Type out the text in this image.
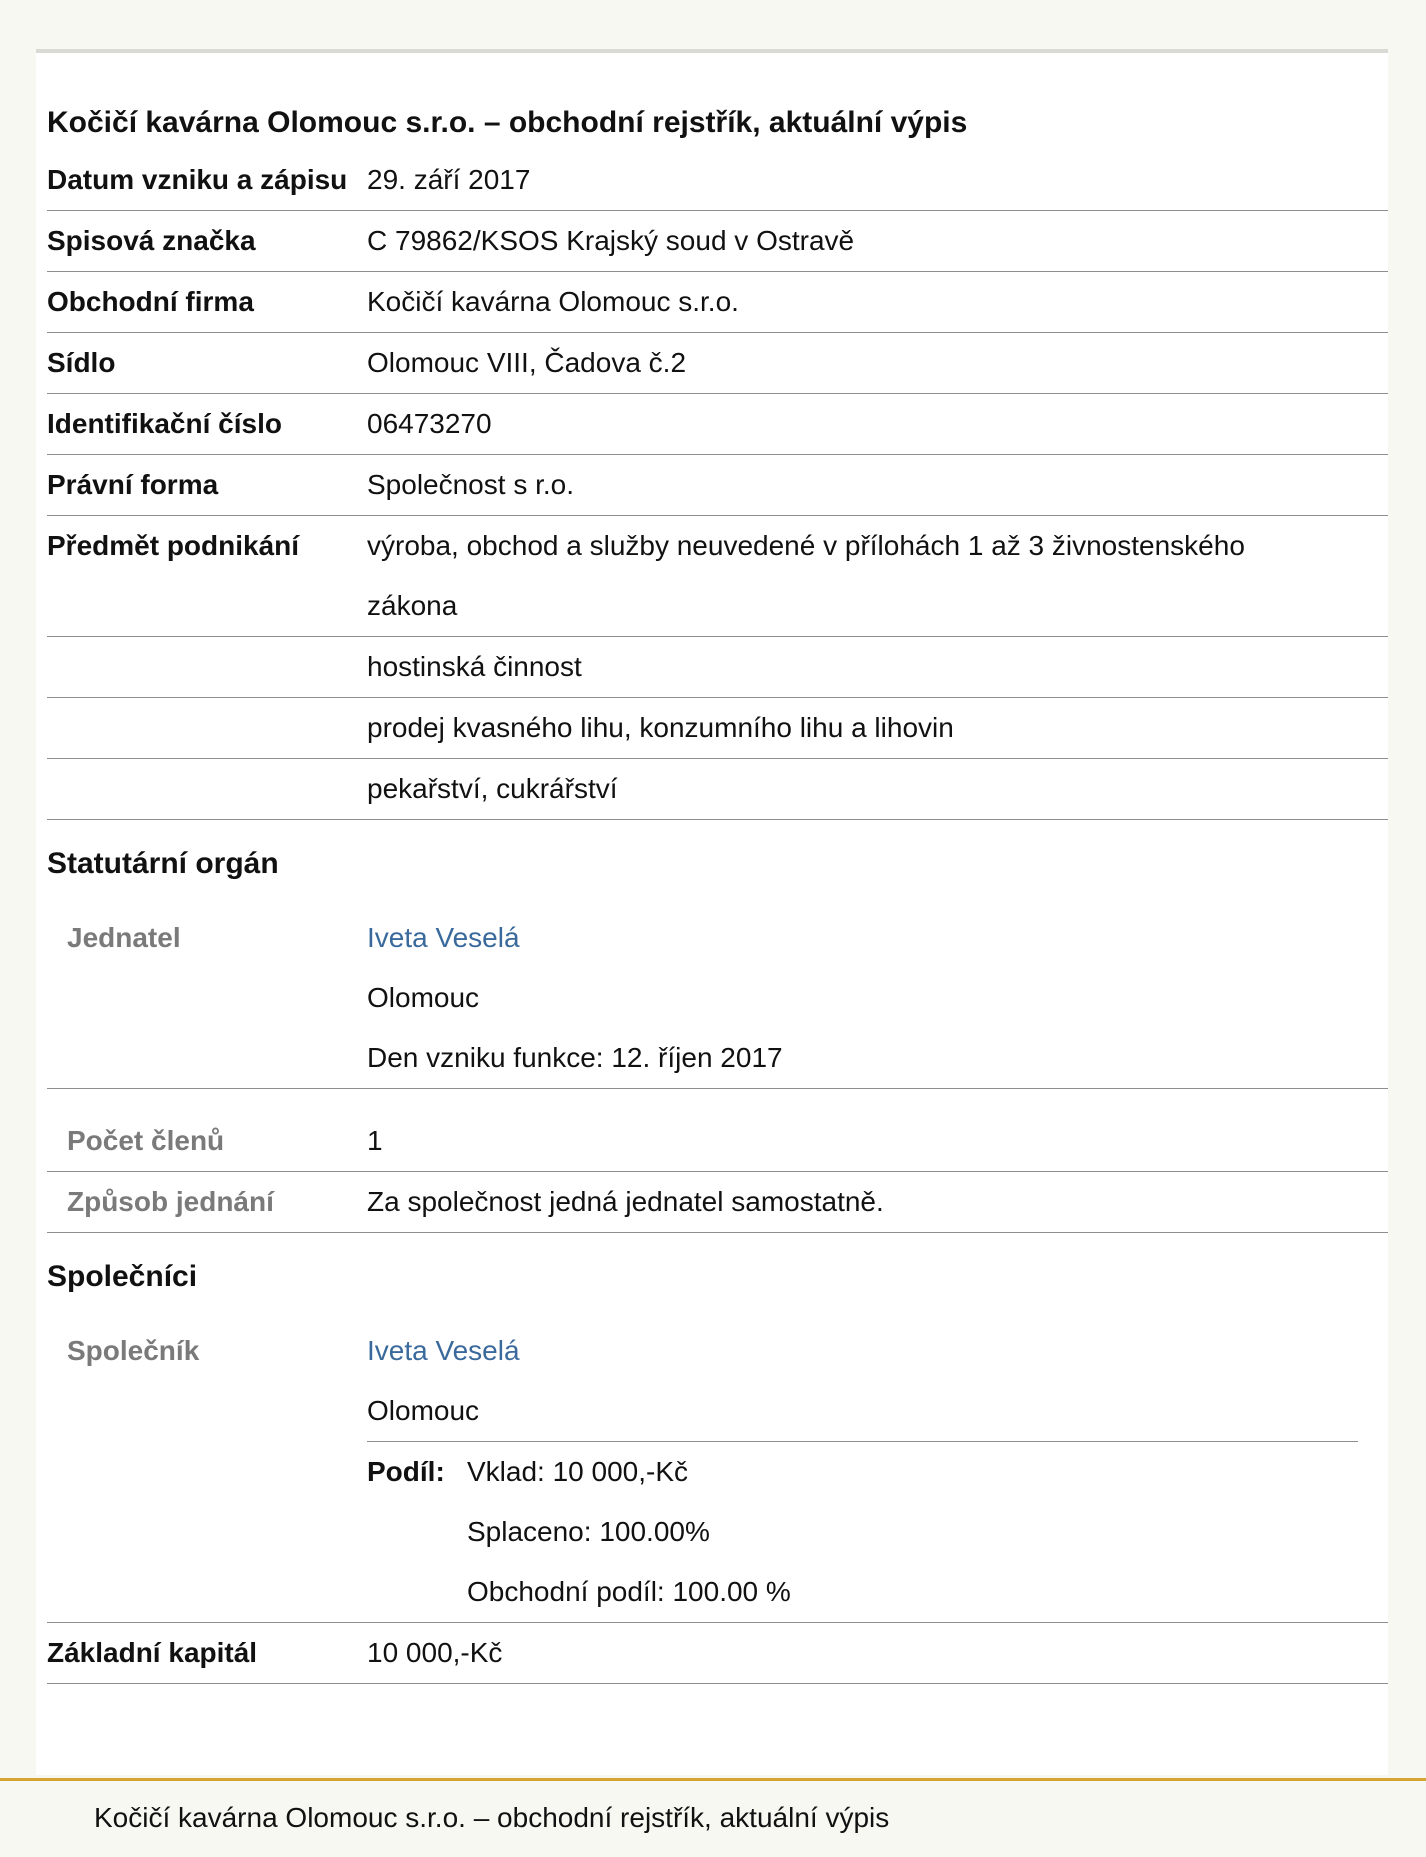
Kočičí kavárna Olomouc s.r.o. – obchodní rejstřík, aktuální výpis
Datum vzniku a zápisu 29. září 2017
Spisová značka	C 79862/KSOS Krajský soud v Ostravě
Obchodní firma	Kočičí kavárna Olomouc s.r.o.
Sídlo	Olomouc VIII, Čadova č.2
Identifikační číslo	06473270
Právní forma	Společnost s r.o.
Předmět podnikání	výroba, obchod a služby neuvedené v přílohách 1 až 3 živnostenského zákona
hostinská činnost
prodej kvasného lihu, konzumního lihu a lihovin
pekařství, cukrářství
Statutární orgán
Jednatel	Iveta Veselá
Olomouc
Den vzniku funkce: 12. říjen 2017
Počet členů	1
Způsob jednání	Za společnost jedná jednatel samostatně.
Společníci
Společník	Iveta Veselá
Olomouc
Podíl: Vklad: 10 000,-Kč
Splaceno: 100.00%
Obchodní podíl: 100.00 %
Základní kapitál	10 000,-Kč
Kočičí kavárna Olomouc s.r.o. – obchodní rejstřík, aktuální výpis
